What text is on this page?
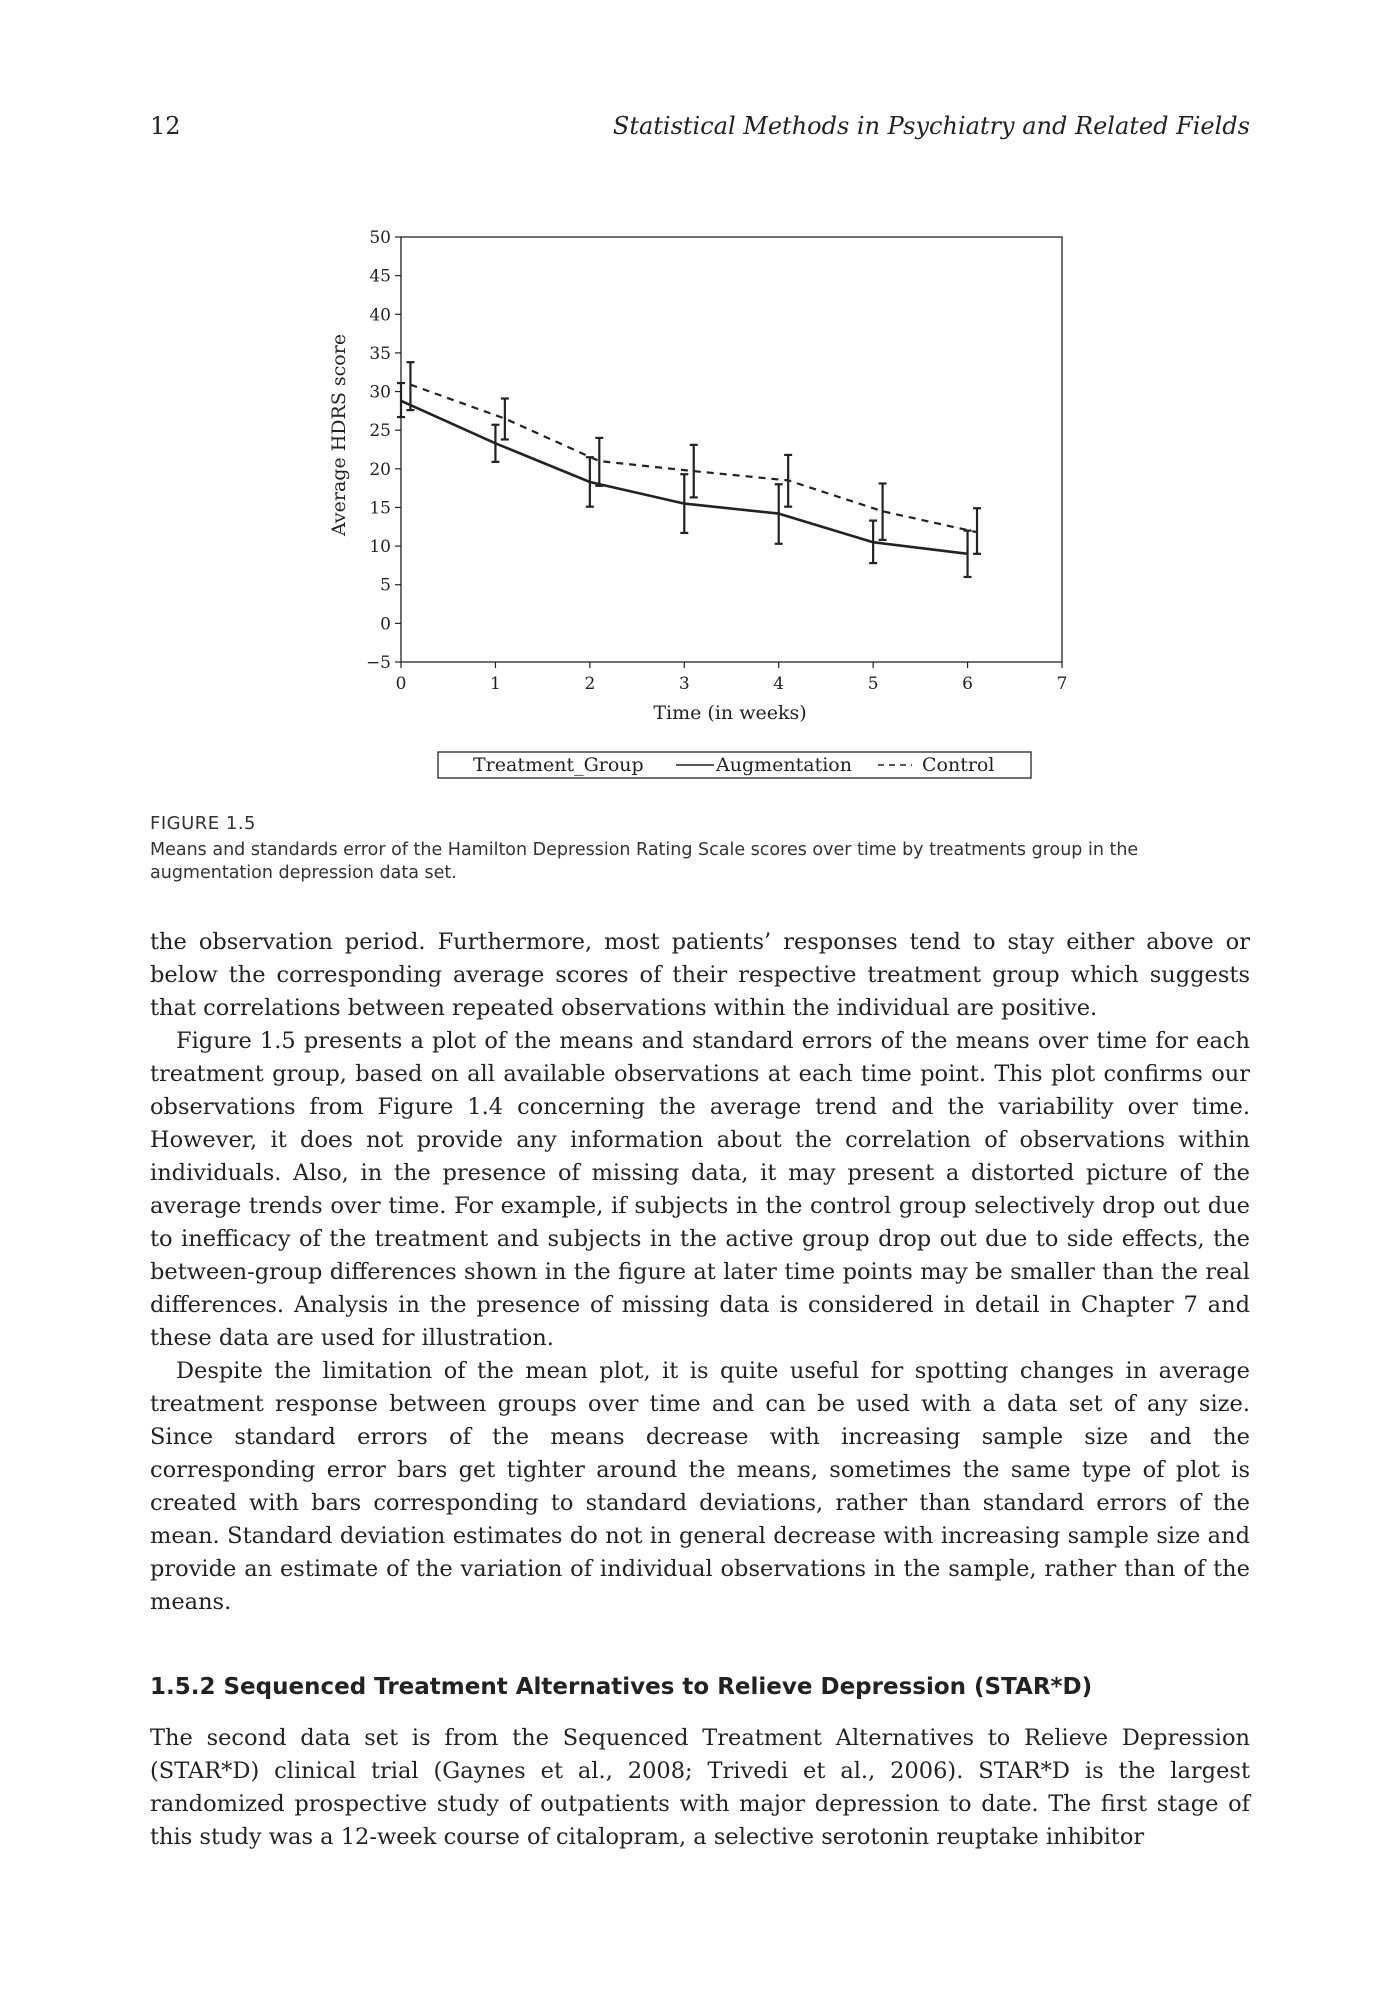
12	Statistical Methods in Psychiatry and Related Fields
50
45
40
35
30
25
20
15
10
5
0
−5
0	1	2	3	4	5	6	7
Average HDRS score
Time (in weeks)
Treatment_Group	Augmentation	Control
FIGURE 1.5
Means and standards error of the Hamilton Depression Rating Scale scores over time by treatments group in the augmentation depression data set.

the observation period. Furthermore, most patients’ responses tend to stay either above or below the corresponding average scores of their respective treatment group which suggests that correlations between repeated observations within the individual are positive.

Figure 1.5 presents a plot of the means and standard errors of the means over time for each treatment group, based on all available observations at each time point. This plot confirms our observations from Figure 1.4 concerning the average trend and the variability over time. However, it does not provide any information about the correlation of observations within individuals. Also, in the presence of missing data, it may present a distorted picture of the average trends over time. For example, if subjects in the control group selectively drop out due to inefficacy of the treatment and subjects in the active group drop out due to side effects, the between-group differences shown in the figure at later time points may be smaller than the real differences. Analysis in the presence of missing data is considered in detail in Chapter 7 and these data are used for illustration.

Despite the limitation of the mean plot, it is quite useful for spotting changes in average treatment response between groups over time and can be used with a data set of any size. Since standard errors of the means decrease with increasing sample size and the corresponding error bars get tighter around the means, sometimes the same type of plot is created with bars corresponding to standard deviations, rather than standard errors of the mean. Standard deviation estimates do not in general decrease with increasing sample size and provide an estimate of the variation of individual observations in the sample, rather than of the means.

1.5.2 Sequenced Treatment Alternatives to Relieve Depression (STAR*D)

The second data set is from the Sequenced Treatment Alternatives to Relieve Depression (STAR*D) clinical trial (Gaynes et al., 2008; Trivedi et al., 2006). STAR*D is the largest randomized prospective study of outpatients with major depression to date. The first stage of this study was a 12-week course of citalopram, a selective serotonin reuptake inhibitor
